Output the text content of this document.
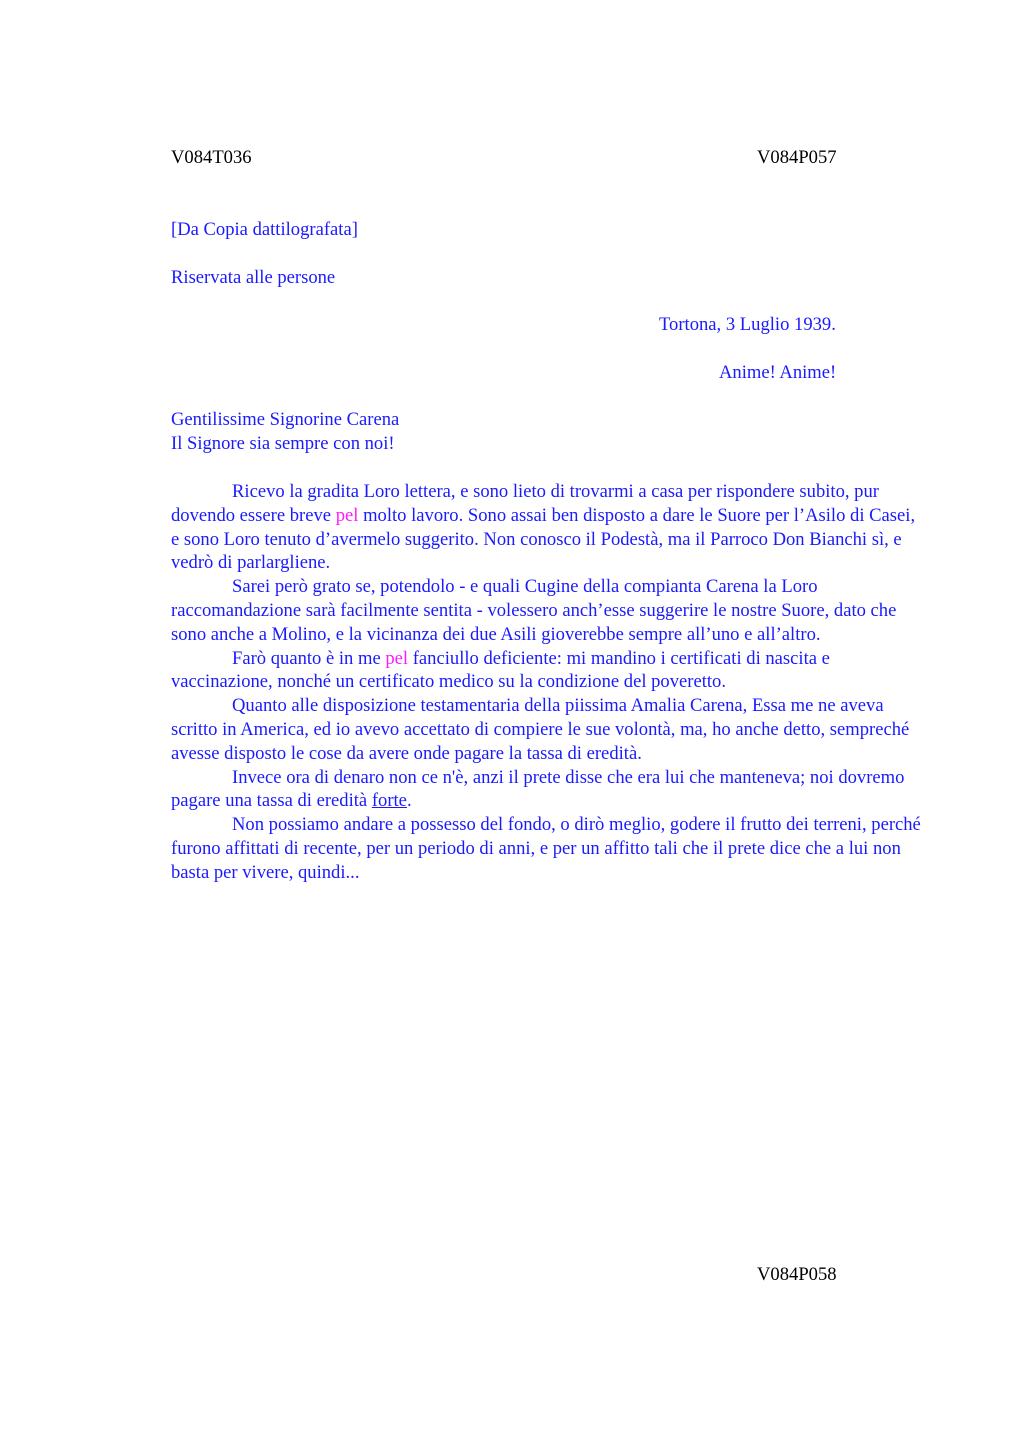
V084T036	V084P057
[Da Copia dattilografata]
Riservata alle persone
Tortona, 3 Luglio 1939.
Anime! Anime!
Gentilissime Signorine Carena
Il Signore sia sempre con noi!

Ricevo la gradita Loro lettera, e sono lieto di trovarmi a casa per rispondere subito, pur dovendo essere breve pel molto lavoro. Sono assai ben disposto a dare le Suore per l’Asilo di Casei, e sono Loro tenuto d’avermelo suggerito. Non conosco il Podestà, ma il Parroco Don Bianchi sì, e vedrò di parlargliene.

Sarei però grato se, potendolo - e quali Cugine della compianta Carena la Loro raccomandazione sarà facilmente sentita - volessero anch’esse suggerire le nostre Suore, dato che sono anche a Molino, e la vicinanza dei due Asili gioverebbe sempre all’uno e all’altro.

Farò quanto è in me pel fanciullo deficiente: mi mandino i certificati di nascita e vaccinazione, nonché un certificato medico su la condizione del poveretto.

Quanto alle disposizione testamentaria della piissima Amalia Carena, Essa me ne aveva scritto in America, ed io avevo accettato di compiere le sue volontà, ma, ho anche detto, sempreché avesse disposto le cose da avere onde pagare la tassa di eredità.

Invece ora di denaro non ce n'è, anzi il prete disse che era lui che manteneva; noi dovremo pagare una tassa di eredità forte.

Non possiamo andare a possesso del fondo, o dirò meglio, godere il frutto dei terreni, perché furono affittati di recente, per un periodo di anni, e per un affitto tali che il prete dice che a lui non basta per vivere, quindi...

V084P058
